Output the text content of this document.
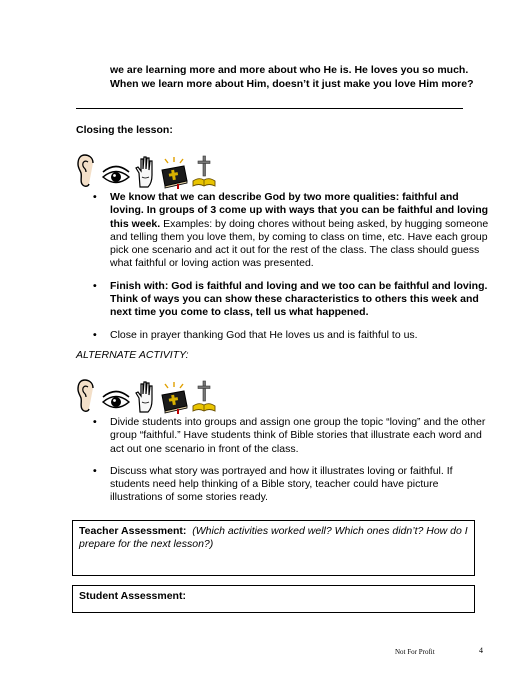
we are learning more and more about who He is. He loves you so much.
When we learn more about Him, doesn’t it just make you love Him more?
Closing the lesson:
• We know that we can describe God by two more qualities: faithful and loving. In groups of 3 come up with ways that you can be faithful and loving this week. Examples: by doing chores without being asked, by hugging someone and telling them you love them, by coming to class on time, etc. Have each group pick one scenario and act it out for the rest of the class. The class should guess what faithful or loving action was presented.
• Finish with: God is faithful and loving and we too can be faithful and loving. Think of ways you can show these characteristics to others this week and next time you come to class, tell us what happened.
• Close in prayer thanking God that He loves us and is faithful to us.
ALTERNATE ACTIVITY:
• Divide students into groups and assign one group the topic “loving” and the other group “faithful.” Have students think of Bible stories that illustrate each word and act out one scenario in front of the class.
• Discuss what story was portrayed and how it illustrates loving or faithful. If students need help thinking of a Bible story, teacher could have picture illustrations of some stories ready.
Teacher Assessment: (Which activities worked well? Which ones didn’t? How do I prepare for the next lesson?)
Student Assessment:
Not For Profit	4
